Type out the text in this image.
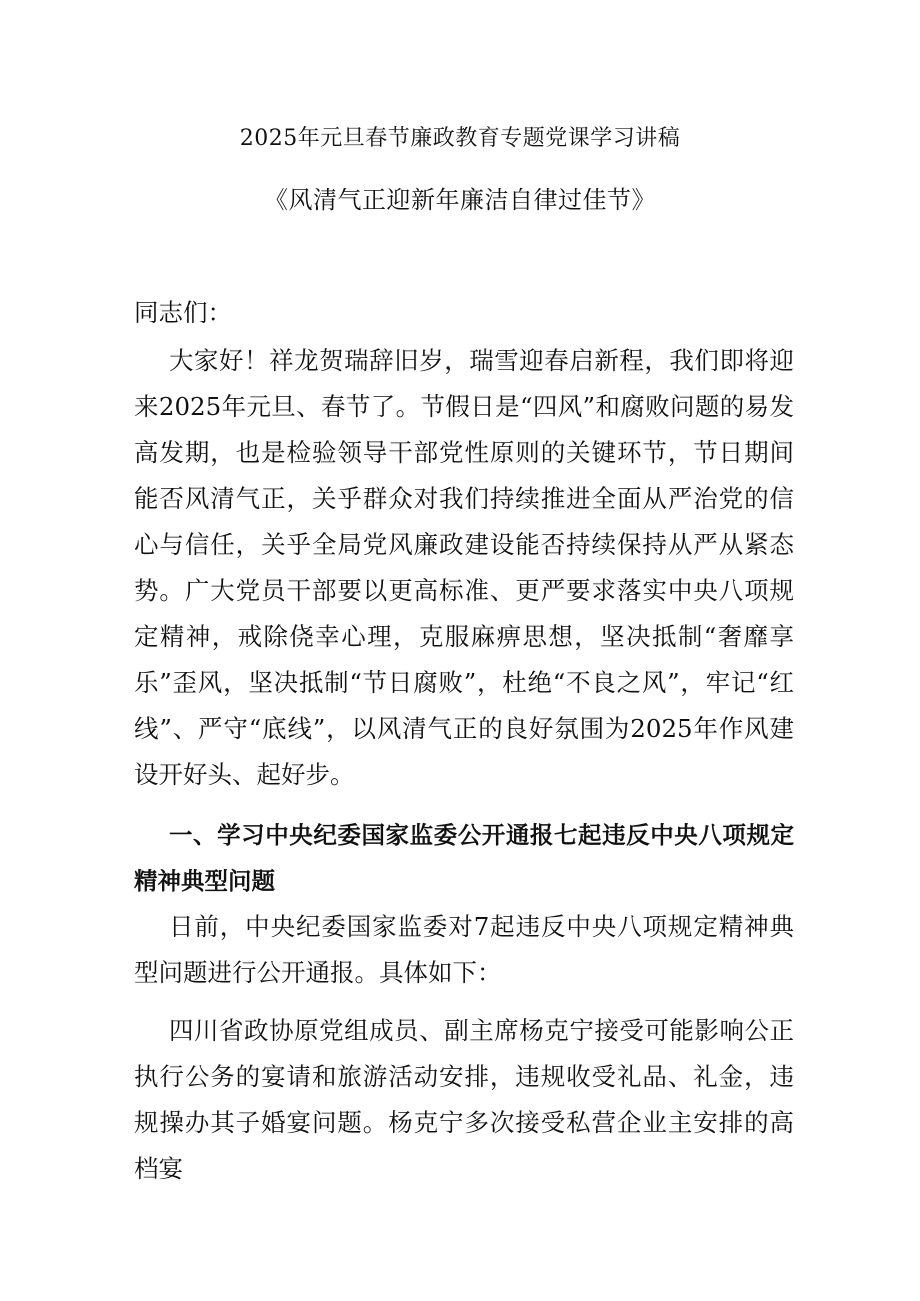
2025年元旦春节廉政教育专题党课学习讲稿
《风清气正迎新年廉洁自律过佳节》

同志们：

大家好！祥龙贺瑞辞旧岁，瑞雪迎春启新程，我们即将迎来2025年元旦、春节了。节假日是“四风”和腐败问题的易发高发期，也是检验领导干部党性原则的关键环节，节日期间能否风清气正，关乎群众对我们持续推进全面从严治党的信心与信任，关乎全局党风廉政建设能否持续保持从严从紧态势。广大党员干部要以更高标准、更严要求落实中央八项规定精神，戒除侥幸心理，克服麻痹思想，坚决抵制“奢靡享乐”歪风，坚决抵制“节日腐败”，杜绝“不良之风”，牢记“红线”、严守“底线”，以风清气正的良好氛围为2025年作风建设开好头、起好步。

一、学习中央纪委国家监委公开通报七起违反中央八项规定精神典型问题

日前，中央纪委国家监委对7起违反中央八项规定精神典型问题进行公开通报。具体如下：

四川省政协原党组成员、副主席杨克宁接受可能影响公正执行公务的宴请和旅游活动安排，违规收受礼品、礼金，违规操办其子婚宴问题。杨克宁多次接受私营企业主安排的高档宴
